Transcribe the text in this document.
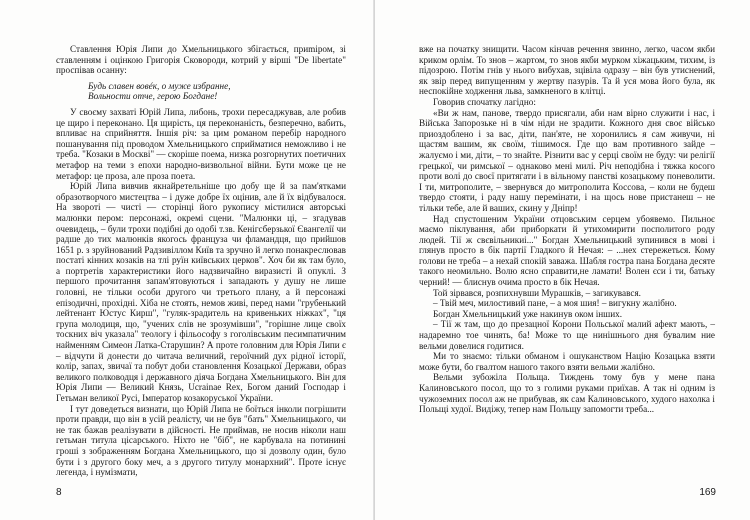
Ставлення Юрія Липи до Хмельницького збігається, приmiром, зі ставленням і оцінкою Григорія Сковороди, котрий у вірші "De libertate" проспівав осанну:

Будь славен вовéк, о муже избранне,

Вольности отче, герою Богдане!

У своєму захваті Юрій Липа, либонь, трохи пересаджував, але робив це щиро і переконано. Ця щирість, ця переконаність, безперечно, вабить, впливає на сприйняття. Іншія річ: за цим романом перебір народного пошанування під проводом Хмельницького сприйматися неможливо і не треба. "Козаки в Москві" — скоріше поема, низка розгорнутих поетичних метафор на теми з епохи народно-визвольної війни. Бути може це не метафор: це проза, але проза поета.

Юрій Липа вивчив якнайретельніше цю добу ще й за пам'ятками образотворчого мистецтва – і дуже добре їх оцінив, але й їх відбувалося. На звороті — чисті — сторінці його рукопису містилися авторські малюнки пером: персонажі, окремі сцени. "Малюнки ці, – згадував очевидець, – були трохи подібні до одобі т.зв. Кенігсберзької Євангелії чи радше до тих малюнків якогось француза чи фламандця, що прийшов 1651 р. з зруйнований Радзивіллом Київ та зручно й легко понакреслював постаті кінних козаків на тлі руїн київських церков". Хоч би як там було, а портретів характеристики його надзвичайно виразисті й опуклі. З першого прочитання запам'ятовуються і западають у душу не лише головні, не тільки особи другого чи третього плану, а й персонажі епізодичні, прохідні. Хіба не стоять, немов живі, перед нами "грубенький лейтенант Юстус Кирш", "гуляк-зрадитель на кривеньких ніжках", "ця група молодиця, що, "учених слів не зрозумівши", "горішне лице своїх тоскних віч указала" теологу і фільософу з гоголівським песимпатичним найменням Симеон Латка-Старушин? А проте головним для Юрія Липи є – відчути й донести до читача величний, героїчний дух рідної історії, колір, запах, звичаї та побут доби становлення Козацької Держави, образ великого полководця і державного діяча Богдана Хмельницького. Він для Юрія Липи — Великий Князь, Ucrainae Rex, Богом даний Господар і Гетьман великої Русі, Імператор козакоруської України.

І тут доведеться визнати, що Юрій Липа не боїться інколи погрішити проти правди, що він в усій реалісту, чи не був "бать" Хмельницького, чи не так бажав реалізувати в дійсності. Не приймав, не носив ніколи наш гетьман титула цісарського. Ніхто не "біб", не карбувала на потинині гроші з зображенням Богдана Хмельницького, що зі дозволу один, було бути і з другого боку меч, а з другого титулу монархний". Проте існує легенда, і нумізмати,

8

вже на початку знищити. Часом кінчав речення звинно, легко, часом якби криком орлім. То знов – жартом, то знов якби мурком хіжацьким, тихим, із підозрою. Потім гнів у нього вибухав, зцівіла одразу – він був утиснений, як звір перед випущенням у жертву пазурів. Та й уся мова його була, як неспокійне ходження льва, замкненого в клітці.

Говорив спочатку лагідно:

«Ви ж нам, панове, твердо присягали, аби нам вірно служити і нас, і Війська Запорозьке ні в чім ніди не зрадити. Кожного дня своє військо приоздоблено і за вас, діти, пан'яте, не хоронились я сам живучи, ні щастям вашим, як своїм, тішимося. Где що вам противного зайде – жалуємо і ми, діти, – то знайте. Різнити вас у серці своїм не буду: чи релігії грецької, чи римської – однаково мені милі. Річ неподібна і тяжка косого проти волі до своєї притягати і в вільному панстві козацькому поневолити. І ти, митрополите, – звернувся до митрополита Коссова, – коли не будеш твердо стояти, і раду нашу перемінати, і на щось нове пристанеш – не тільки тебе, але й ваших, скину у Дніпр!

Над спустошеним України отцовським серцем убоявемо. Пильноє маємо піклування, аби приборкати й утихомирити посполитого роду людей. Тії ж свєвільникиі..." Богдан Хмельницький зупинився в мові і глянув просто в бік партії Гладкого й Нечая: – ...нех стережеться. Кому голови не треба – а нехай спокій заважа. Шабля гострa пана Богдана десяте такого неомильно. Волю ясно справити,не ламати! Волен єси і ти, батьку черний! — блиснув очима просто в бік Нечая.

Той зірвався, розпихнувши Мурашків, – загикувався.

– Твій меч, милостивий пане, – а моя шия! – вигукну жалібно.

Богдан Хмельницький уже накинув оком інших.

– Тії ж там, що до презацної Корони Польської малий афект мають, – надаремно тое чинять, ба! Може то ще нинішнього дня бувалим ние вельми довелися годитися.

Ми то знаємо: тільки обманом і ошуканством Націю Козацька взяти може бути, бо гвалтом нашого такого взяти вельми жалібно.

Вельми зубожіла Польща. Тиждень тому був у мене пана Калиновського посол, що то з голими руками приїхав. А так ні одним із чужоземних посол аж не прибував, як сам Калиновського, худого нахолка і Польщі худої. Видіжу, тепер нам Польщу запомогти треба...

169
